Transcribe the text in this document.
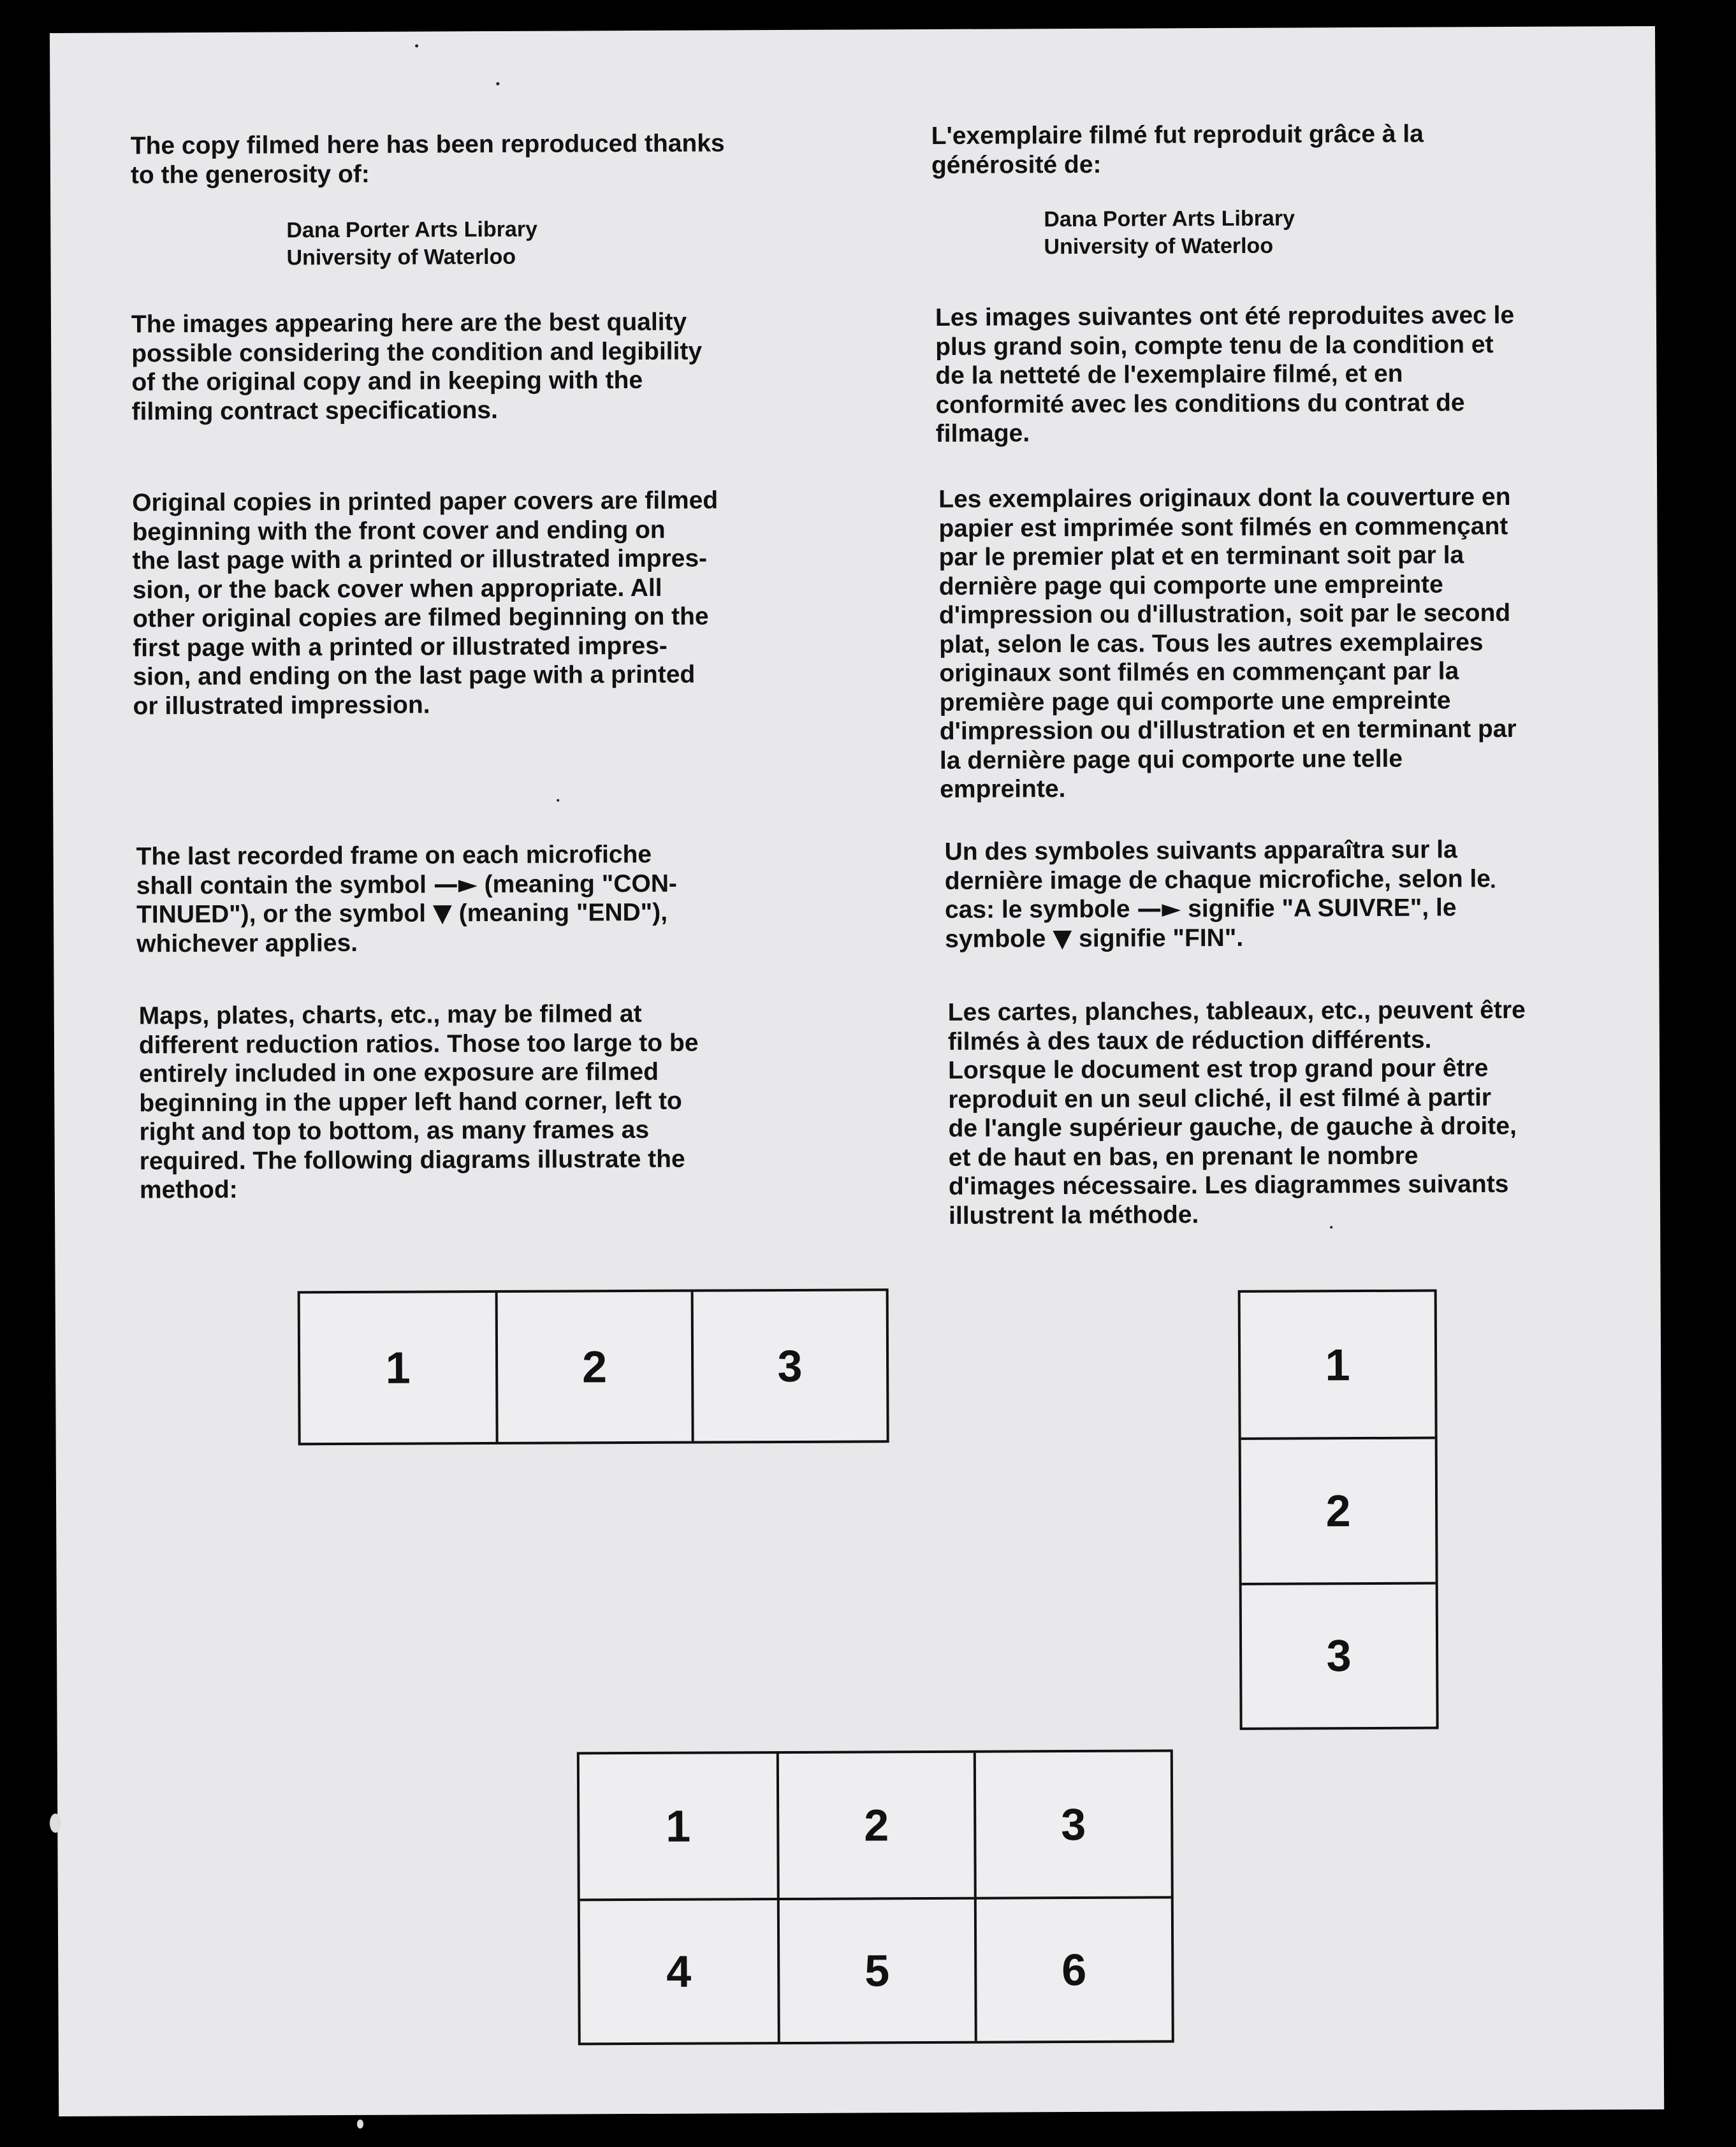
The copy filmed here has been reproduced thanks
to the generosity of:

Dana Porter Arts Library
University of Waterloo

The images appearing here are the best quality
possible considering the condition and legibility
of the original copy and in keeping with the
filming contract specifications.

Original copies in printed paper covers are filmed
beginning with the front cover and ending on
the last page with a printed or illustrated impres-
sion, or the back cover when appropriate. All
other original copies are filmed beginning on the
first page with a printed or illustrated impres-
sion, and ending on the last page with a printed
or illustrated impression.

The last recorded frame on each microfiche
shall contain the symbol —► (meaning "CON-
TINUED"), or the symbol ▼ (meaning "END"),
whichever applies.

Maps, plates, charts, etc., may be filmed at
different reduction ratios. Those too large to be
entirely included in one exposure are filmed
beginning in the upper left hand corner, left to
right and top to bottom, as many frames as
required. The following diagrams illustrate the
method:

L'exemplaire filmé fut reproduit grâce à la
générosité de:

Dana Porter Arts Library
University of Waterloo

Les images suivantes ont été reproduites avec le
plus grand soin, compte tenu de la condition et
de la netteté de l'exemplaire filmé, et en
conformité avec les conditions du contrat de
filmage.

Les exemplaires originaux dont la couverture en
papier est imprimée sont filmés en commençant
par le premier plat et en terminant soit par la
dernière page qui comporte une empreinte
d'impression ou d'illustration, soit par le second
plat, selon le cas. Tous les autres exemplaires
originaux sont filmés en commençant par la
première page qui comporte une empreinte
d'impression ou d'illustration et en terminant par
la dernière page qui comporte une telle
empreinte.

Un des symboles suivants apparaîtra sur la
dernière image de chaque microfiche, selon le
cas: le symbole —► signifie "A SUIVRE", le
symbole ▼ signifie "FIN".

Les cartes, planches, tableaux, etc., peuvent être
filmés à des taux de réduction différents.
Lorsque le document est trop grand pour être
reproduit en un seul cliché, il est filmé à partir
de l'angle supérieur gauche, de gauche à droite,
et de haut en bas, en prenant le nombre
d'images nécessaire. Les diagrammes suivants
illustrent la méthode.

1	2	3	1
2
3
1	2	3
4	5	6
